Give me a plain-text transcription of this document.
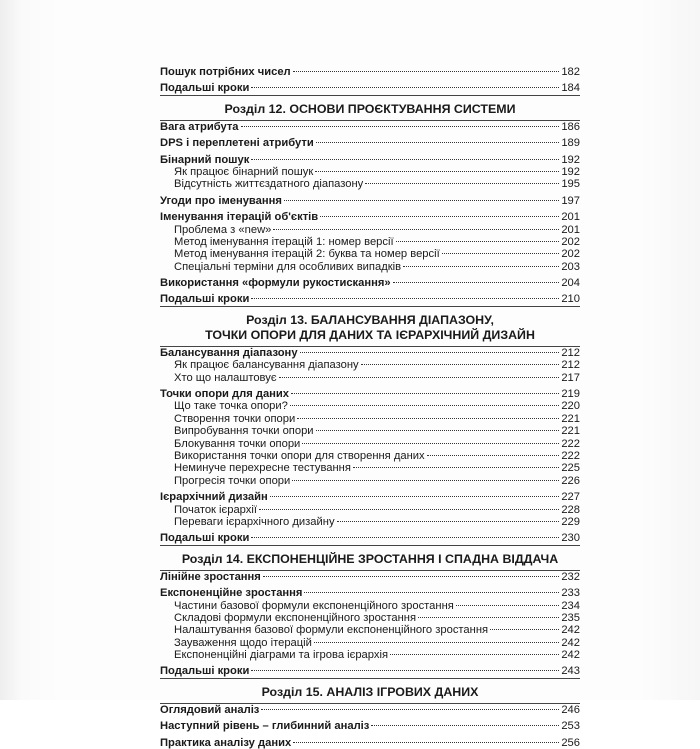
Пошук потрібних чисел	182
Подальші кроки	184
Розділ 12. ОСНОВИ ПРОЄКТУВАННЯ СИСТЕМИ
Вага атрибута	186
DPS і переплетені атрибути	189
Бінарний пошук	192
Як працює бінарний пошук	192
Відсутність життєздатного діапазону	195
Угоди про іменування	197
Іменування ітерацій об'єктів	201
Проблема з «new»	201
Метод іменування ітерацій 1: номер версії	202
Метод іменування ітерацій 2: буква та номер версії	202
Спеціальні терміни для особливих випадків	203
Використання «формули рукостискання»	204
Подальші кроки	210
Розділ 13. БАЛАНСУВАННЯ ДІАПАЗОНУ,
ТОЧКИ ОПОРИ ДЛЯ ДАНИХ ТА ІЄРАРХІЧНИЙ ДИЗАЙН
Балансування діапазону	212
Як працює балансування діапазону	212
Хто що налаштовує	217
Точки опори для даних	219
Що таке точка опори?	220
Створення точки опори	221
Випробування точки опори	221
Блокування точки опори	222
Використання точки опори для створення даних	222
Неминуче перехресне тестування	225
Прогресія точки опори	226
Ієрархічний дизайн	227
Початок ієрархії	228
Переваги ієрархічного дизайну	229
Подальші кроки	230
Розділ 14. ЕКСПОНЕНЦІЙНЕ ЗРОСТАННЯ І СПАДНА ВІДДАЧА
Лінійне зростання	232
Експоненційне зростання	233
Частини базової формули експоненційного зростання	234
Складові формули експоненційного зростання	235
Налаштування базової формули експоненційного зростання	242
Зауваження щодо ітерацій	242
Експоненційні діаграми та ігрова ієрархія	242
Подальші кроки	243
Розділ 15. АНАЛІЗ ІГРОВИХ ДАНИХ
Оглядовий аналіз	246
Наступний рівень – глибинний аналіз	253
Практика аналізу даних	256
